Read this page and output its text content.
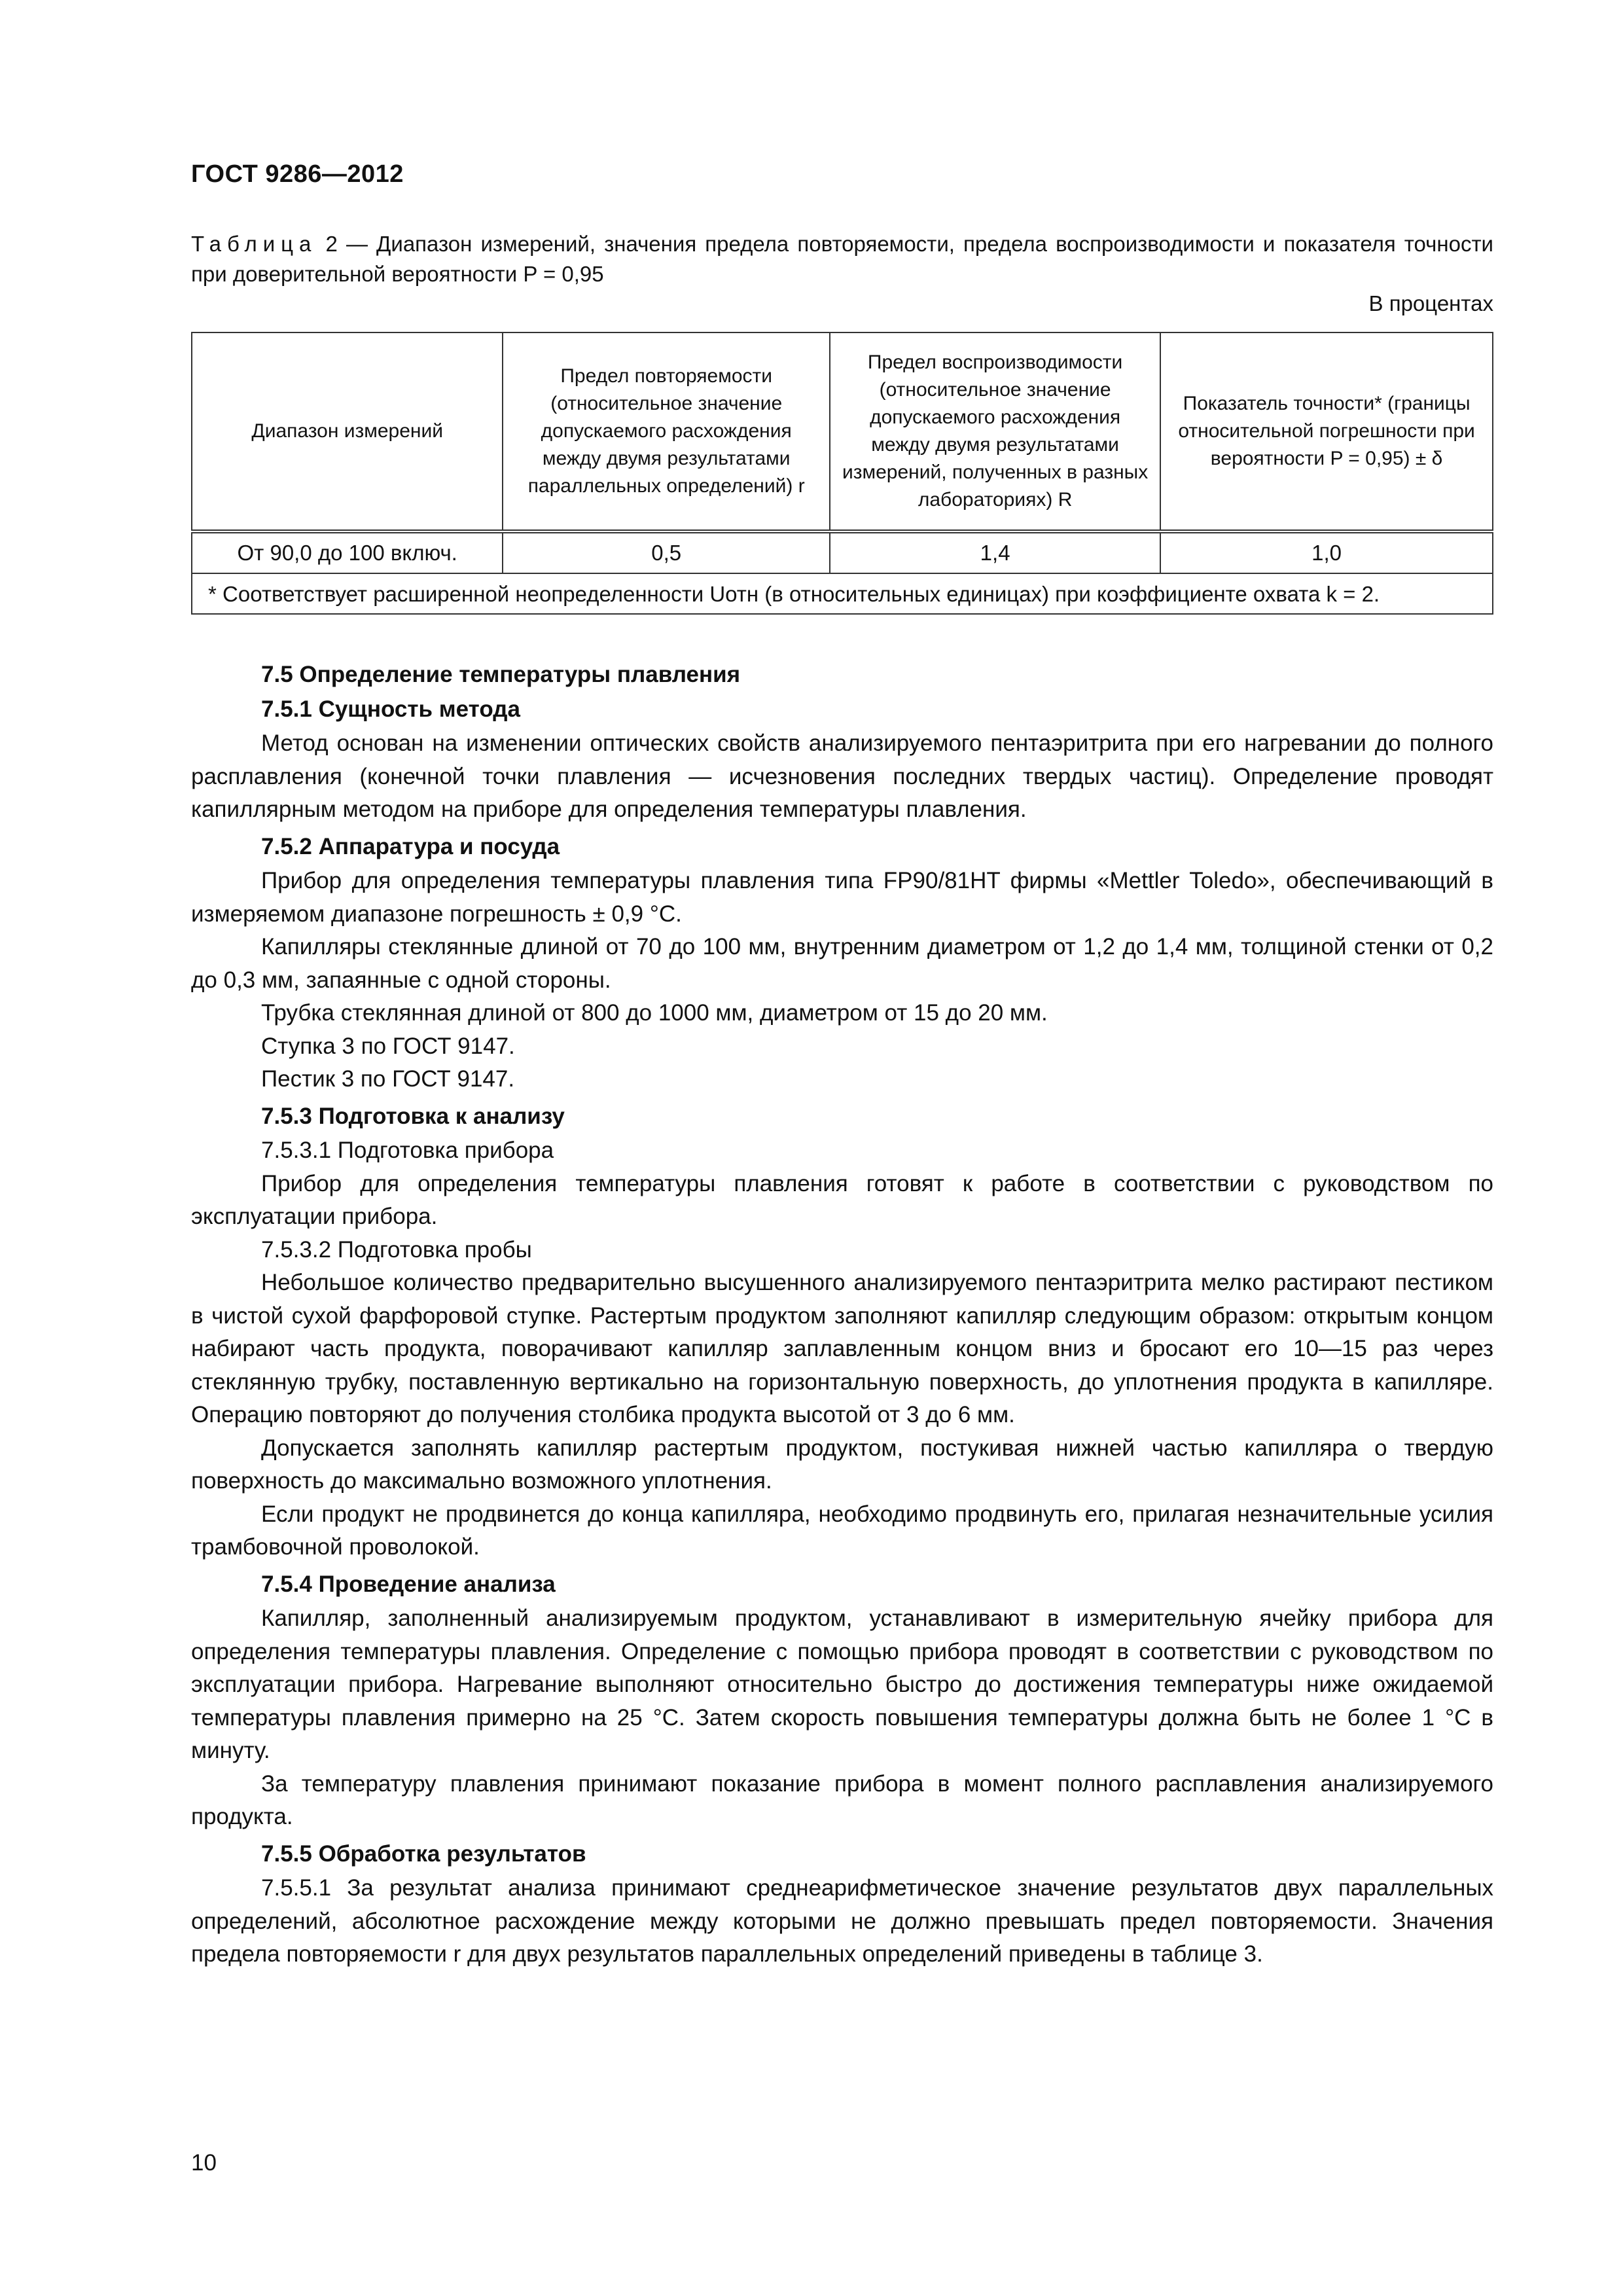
ГОСТ 9286—2012
Таблица 2 — Диапазон измерений, значения предела повторяемости, предела воспроизводимости и показателя точности при доверительной вероятности P = 0,95
В процентах
Диапазон измерений	Предел повторяемости (относительное значение допускаемого расхождения между двумя результатами параллельных определений) r	Предел воспроизводимости (относительное значение допускаемого расхождения между двумя результатами измерений, полученных в разных лабораториях) R	Показатель точности* (границы относительной погрешности при вероятности P = 0,95) ± δ
От 90,0 до 100 включ.	0,5	1,4	1,0
* Соответствует расширенной неопределенности Uотн (в относительных единицах) при коэффициенте охвата k = 2.			

7.5 Определение температуры плавления

7.5.1 Сущность метода

Метод основан на изменении оптических свойств анализируемого пентаэритрита при его нагревании до полного расплавления (конечной точки плавления — исчезновения последних твердых частиц). Определение проводят капиллярным методом на приборе для определения температуры плавления.

7.5.2 Аппаратура и посуда

Прибор для определения температуры плавления типа FP90/81HT фирмы «Mettler Toledo», обеспечивающий в измеряемом диапазоне погрешность ± 0,9 °С.

Капилляры стеклянные длиной от 70 до 100 мм, внутренним диаметром от 1,2 до 1,4 мм, толщиной стенки от 0,2 до 0,3 мм, запаянные с одной стороны.

Трубка стеклянная длиной от 800 до 1000 мм, диаметром от 15 до 20 мм.

Ступка 3 по ГОСТ 9147.

Пестик 3 по ГОСТ 9147.

7.5.3 Подготовка к анализу

7.5.3.1 Подготовка прибора

Прибор для определения температуры плавления готовят к работе в соответствии с руководством по эксплуатации прибора.

7.5.3.2 Подготовка пробы

Небольшое количество предварительно высушенного анализируемого пентаэритрита мелко растирают пестиком в чистой сухой фарфоровой ступке. Растертым продуктом заполняют капилляр следующим образом: открытым концом набирают часть продукта, поворачивают капилляр заплавленным концом вниз и бросают его 10—15 раз через стеклянную трубку, поставленную вертикально на горизонтальную поверхность, до уплотнения продукта в капилляре. Операцию повторяют до получения столбика продукта высотой от 3 до 6 мм.

Допускается заполнять капилляр растертым продуктом, постукивая нижней частью капилляра о твердую поверхность до максимально возможного уплотнения.

Если продукт не продвинется до конца капилляра, необходимо продвинуть его, прилагая незначительные усилия трамбовочной проволокой.

7.5.4 Проведение анализа

Капилляр, заполненный анализируемым продуктом, устанавливают в измерительную ячейку прибора для определения температуры плавления. Определение с помощью прибора проводят в соответствии с руководством по эксплуатации прибора. Нагревание выполняют относительно быстро до достижения температуры ниже ожидаемой температуры плавления примерно на 25 °С. Затем скорость повышения температуры должна быть не более 1 °С в минуту.

За температуру плавления принимают показание прибора в момент полного расплавления анализируемого продукта.

7.5.5 Обработка результатов

7.5.5.1 За результат анализа принимают среднеарифметическое значение результатов двух параллельных определений, абсолютное расхождение между которыми не должно превышать предел повторяемости. Значения предела повторяемости r для двух результатов параллельных определений приведены в таблице 3.

10
